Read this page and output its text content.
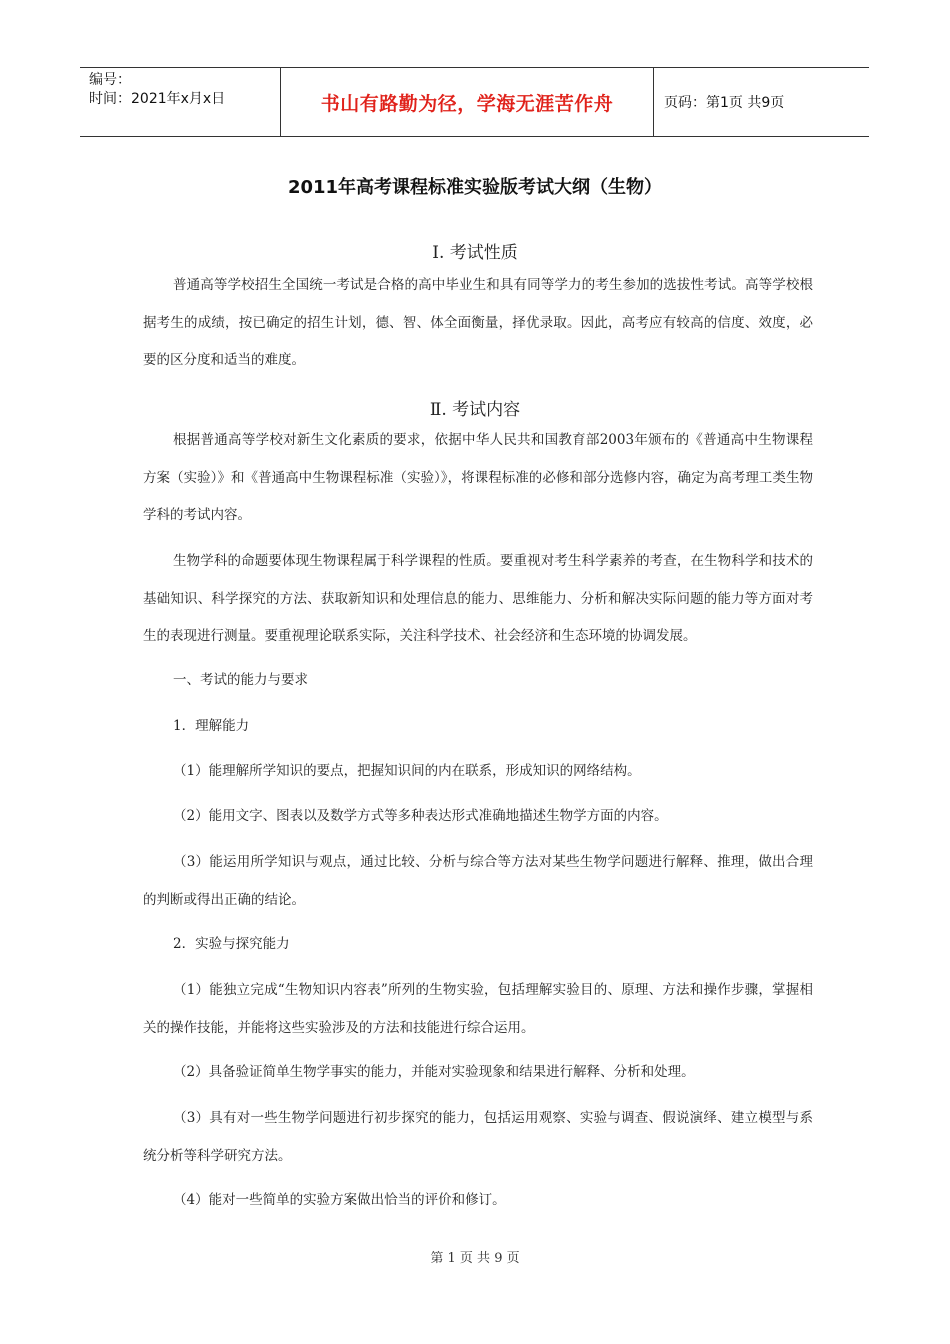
编号：
时间：2021年x月x日	书山有路勤为径，学海无涯苦作舟	页码：第1页 共9页
2011年高考课程标准实验版考试大纲（生物）
Ⅰ. 考试性质

普通高等学校招生全国统一考试是合格的高中毕业生和具有同等学力的考生参加的选拔性考试。高等学校根据考生的成绩，按已确定的招生计划，德、智、体全面衡量，择优录取。因此，高考应有较高的信度、效度，必要的区分度和适当的难度。

Ⅱ. 考试内容

根据普通高等学校对新生文化素质的要求，依据中华人民共和国教育部2003年颁布的《普通高中生物课程方案（实验）》和《普通高中生物课程标准（实验）》，将课程标准的必修和部分选修内容，确定为高考理工类生物学科的考试内容。

生物学科的命题要体现生物课程属于科学课程的性质。要重视对考生科学素养的考查，在生物科学和技术的基础知识、科学探究的方法、获取新知识和处理信息的能力、思维能力、分析和解决实际问题的能力等方面对考生的表现进行测量。要重视理论联系实际，关注科学技术、社会经济和生态环境的协调发展。

一、考试的能力与要求

1．理解能力

（1）能理解所学知识的要点，把握知识间的内在联系，形成知识的网络结构。

（2）能用文字、图表以及数学方式等多种表达形式准确地描述生物学方面的内容。

（3）能运用所学知识与观点，通过比较、分析与综合等方法对某些生物学问题进行解释、推理，做出合理的判断或得出正确的结论。

2．实验与探究能力

（1）能独立完成“生物知识内容表”所列的生物实验，包括理解实验目的、原理、方法和操作步骤，掌握相关的操作技能，并能将这些实验涉及的方法和技能进行综合运用。

（2）具备验证简单生物学事实的能力，并能对实验现象和结果进行解释、分析和处理。

（3）具有对一些生物学问题进行初步探究的能力，包括运用观察、实验与调查、假说演绎、建立模型与系统分析等科学研究方法。

（4）能对一些简单的实验方案做出恰当的评价和修订。

第 1 页 共 9 页
